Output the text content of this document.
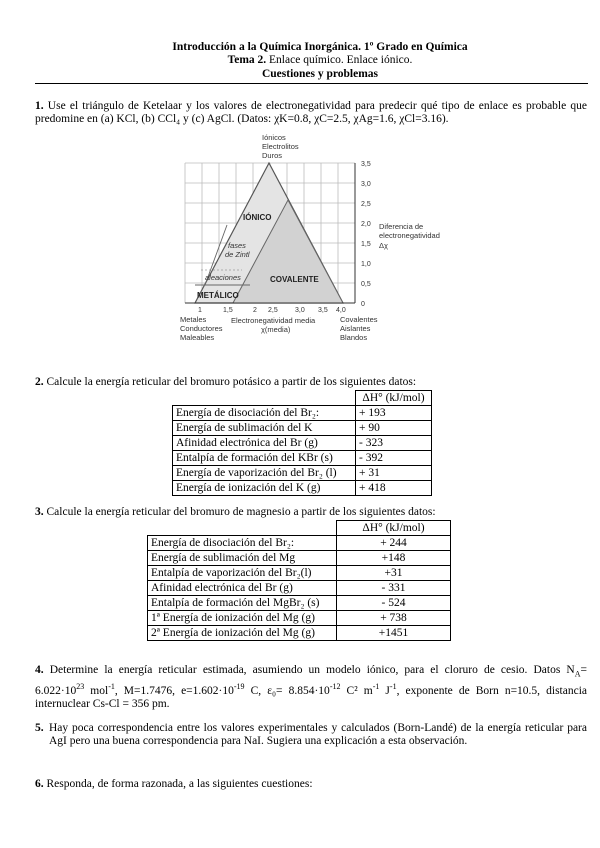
Introducción a la Química Inorgánica. 1º Grado en Química
Tema 2. Enlace químico. Enlace iónico.
Cuestiones y problemas
1. Use el triángulo de Ketelaar y los valores de electronegatividad para predecir qué tipo de enlace es probable que predomine en (a) KCl, (b) CCl₄ y (c) AgCl. (Datos: χK=0.8, χC=2.5, χAg=1.6, χCl=3.16).
Iónicos
Electrolitos
Duros
IÓNICO
fases
de Zintl
aleaciones	COVALENTE
METÁLICO
3,5
3,0
2,5
2,0
1,5
1,0
0,5
0
Diferencia de
electronegatividad
Δχ
1	1,5	2 2,5 3,0 3,5 4,0
Electronegatividad media
χ(media)
Metales
Conductores
Maleables
Covalentes
Aislantes
Blandos
2. Calcule la energía reticular del bromuro potásico a partir de los siguientes datos:
	ΔH° (kJ/mol)
Energía de disociación del Br₂:	+ 193
Energía de sublimación del K	+ 90
Afinidad electrónica del Br (g)	- 323
Entalpía de formación del KBr (s)	- 392
Energía de vaporización del Br₂ (l)	+ 31
Energía de ionización del K (g)	+ 418
3. Calcule la energía reticular del bromuro de magnesio a partir de los siguientes datos:
	ΔH° (kJ/mol)
Energía de disociación del Br₂:	+ 244
Energía de sublimación del Mg	+148
Entalpía de vaporización del Br₂(l)	+31
Afinidad electrónica del Br (g)	- 331
Entalpía de formación del MgBr₂ (s)	- 524
1ª Energía de ionización del Mg (g)	+ 738
2ª Energía de ionización del Mg (g)	+1451
4. Determine la energía reticular estimada, asumiendo un modelo iónico, para el cloruro de cesio. Datos $N_A= 6.022\cdot 10^{23}$ mol$^{-1}$, M=1.7476, $e=1.602\cdot 10^{-19}$ C, $\varepsilon_0= 8.854\cdot 10^{-12}$ C² $m^{-1}$ $J^{-1}$, exponente de Born n=10.5, distancia internuclear Cs-Cl = 356 pm.
5. Hay poca correspondencia entre los valores experimentales y calculados (Born-Landé) de la energía reticular para AgI pero una buena correspondencia para NaI. Sugiera una explicación a esta observación.
6. Responda, de forma razonada, a las siguientes cuestiones:
